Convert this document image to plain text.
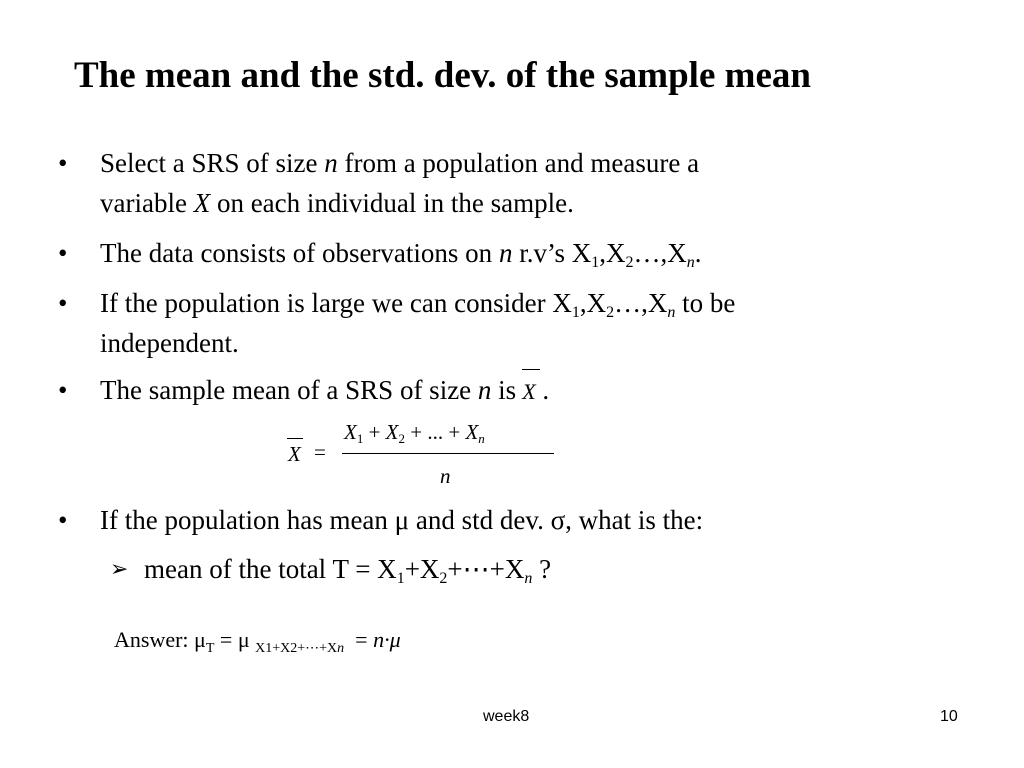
The mean and the std. dev. of the sample mean
• Select a SRS of size n from a population and measure a
variable X on each individual in the sample.
• The data consists of observations on n r.v’s $X_1,X_2\dots,X_n$.
• If the population is large we can consider $X_1,X_2\dots,X_n$ to be
independent.
• The sample mean of a SRS of size n is X .
X =
$X_1 + X_2$ + ... + $X_n$
n
• If the population has mean μ and std dev. σ, what is the:
➢ mean of the total $T = X_1+X_2+\cdots+X_n$ ?
Answer: $\mu_T = \mu$ $_{X1+X2+\cdots+Xn}$  = n·μ
week8	10
